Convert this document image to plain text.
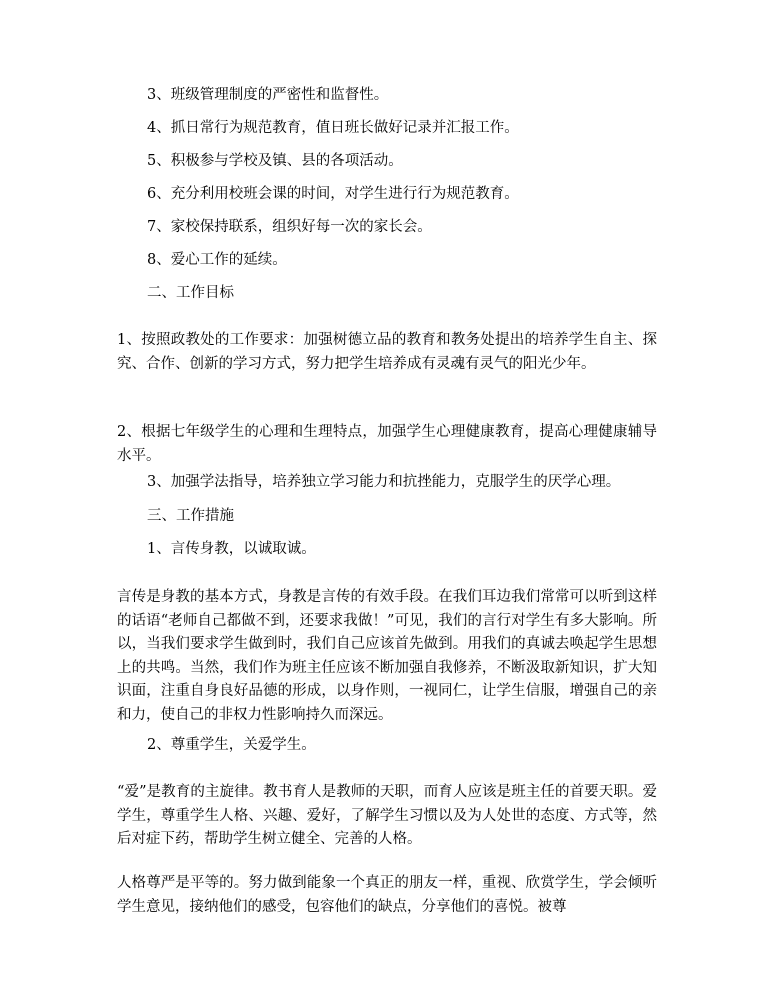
3、班级管理制度的严密性和监督性。
4、抓日常行为规范教育，值日班长做好记录并汇报工作。
5、积极参与学校及镇、县的各项活动。
6、充分利用校班会课的时间，对学生进行行为规范教育。
7、家校保持联系，组织好每一次的家长会。
8、爱心工作的延续。
二、工作目标

1、按照政教处的工作要求：加强树德立品的教育和教务处提出的培养学生自主、探究、合作、创新的学习方式，努力把学生培养成有灵魂有灵气的阳光少年。

2、根据七年级学生的心理和生理特点，加强学生心理健康教育，提高心理健康辅导水平。

3、加强学法指导，培养独立学习能力和抗挫能力，克服学生的厌学心理。
三、工作措施
1、言传身教，以诚取诚。

言传是身教的基本方式，身教是言传的有效手段。在我们耳边我们常常可以听到这样的话语“老师自己都做不到，还要求我做！”可见，我们的言行对学生有多大影响。所以，当我们要求学生做到时，我们自己应该首先做到。用我们的真诚去唤起学生思想上的共鸣。当然，我们作为班主任应该不断加强自我修养，不断汲取新知识，扩大知识面，注重自身良好品德的形成，以身作则，一视同仁，让学生信服，增强自己的亲和力，使自己的非权力性影响持久而深远。

2、尊重学生，关爱学生。

“爱”是教育的主旋律。教书育人是教师的天职，而育人应该是班主任的首要天职。爱学生，尊重学生人格、兴趣、爱好，了解学生习惯以及为人处世的态度、方式等，然后对症下药，帮助学生树立健全、完善的人格。

人格尊严是平等的。努力做到能象一个真正的朋友一样，重视、欣赏学生，学会倾听学生意见，接纳他们的感受，包容他们的缺点，分享他们的喜悦。被尊
